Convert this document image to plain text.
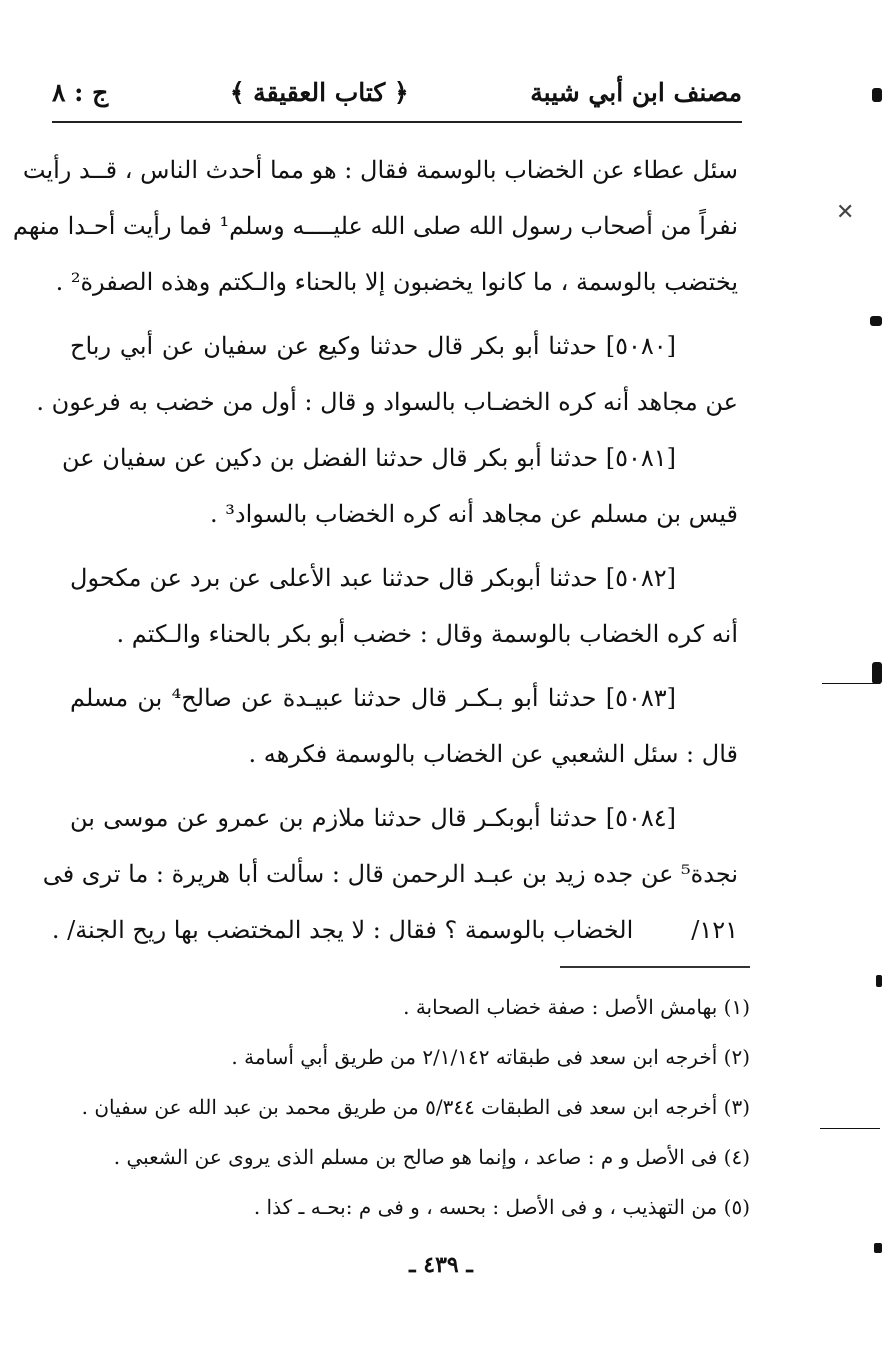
مصنف ابن أبي شيبة
﴿ كتاب العقيقة ﴾
ج : ٨
سئل عطاء عن الخضاب بالوسمة فقال : هو مما أحدث الناس ، قــد رأيت
نفراً من أصحاب رسول الله صلى الله عليــــه وسلم¹ فما رأيت أحـدا منهم
يختضب بالوسمة ، ما كانوا يخضبون إلا بالحناء والـكتم وهذه الصفرة² .
[٥٠٨٠] حدثنا أبو بكر قال حدثنا وكيع عن سفيان عن أبي رباح
عن مجاهد أنه كره الخضـاب بالسواد و قال : أول من خضب به فرعون .
[٥٠٨١] حدثنا أبو بكر قال حدثنا الفضل بن دكين عن سفيان عن
قيس بن مسلم عن مجاهد أنه كره الخضاب بالسواد³ .
[٥٠٨٢] حدثنا أبوبكر قال حدثنا عبد الأعلى عن برد عن مكحول
أنه كره الخضاب بالوسمة وقال : خضب أبو بكر بالحناء والـكتم .
[٥٠٨٣] حدثنا أبو بـكـر قال حدثنا عبيـدة عن صالح⁴ بن مسلم
قال : سئل الشعبي عن الخضاب بالوسمة فكرهه .
[٥٠٨٤] حدثنا أبوبكـر قال حدثنا ملازم بن عمرو عن موسى بن
نجدة⁵ عن جده زيد بن عبـد الرحمن قال : سألت أبا هريرة : ما ترى فى
١٢١/الخضاب بالوسمة ؟ فقال : لا يجد المختضب بها ريح الجنة/ .
(١) بهامش الأصل : صفة خضاب الصحابة .
(٢) أخرجه ابن سعد فى طبقاته ٢/١/١٤٢ من طريق أبي أسامة .
(٣) أخرجه ابن سعد فى الطبقات ٥/٣٤٤ من طريق محمد بن عبد الله عن سفيان .
(٤) فى الأصل و م : صاعد ، وإنما هو صالح بن مسلم الذى يروى عن الشعبي .
(٥) من التهذيب ، و فى الأصل : بحسه ، و فى م :بحـه ـ كذا .
ـ ٤٣٩ ـ
✕
